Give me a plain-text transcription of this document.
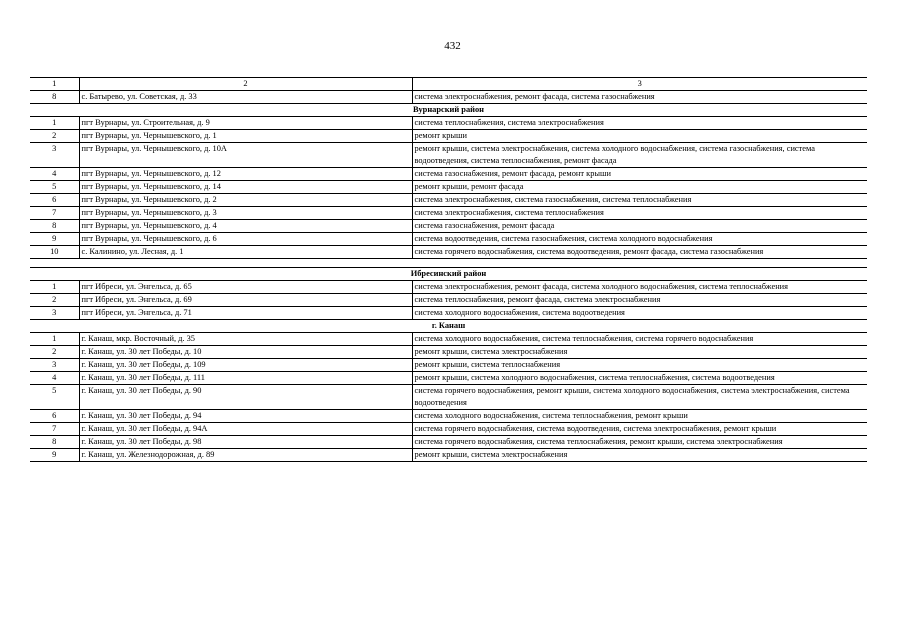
432
1	2	3
8	с. Батырево, ул. Советская, д. 33	система электроснабжения, ремонт фасада, система газоснабжения
Вурнарский район		
1	пгт Вурнары, ул. Строительная, д. 9	система теплоснабжения, система электроснабжения
2	пгт Вурнары, ул. Чернышевского, д. 1	ремонт крыши
3	пгт Вурнары, ул. Чернышевского, д. 10А	ремонт крыши, система электроснабжения, система холодного водоснабжения, система газоснабжения, система водоотведения, система теплоснабжения, ремонт фасада
4	пгт Вурнары, ул. Чернышевского, д. 12	система газоснабжения, ремонт фасада, ремонт крыши
5	пгт Вурнары, ул. Чернышевского, д. 14	ремонт крыши, ремонт фасада
6	пгт Вурнары, ул. Чернышевского, д. 2	система электроснабжения, система газоснабжения, система теплоснабжения
7	пгт Вурнары, ул. Чернышевского, д. 3	система электроснабжения, система теплоснабжения
8	пгт Вурнары, ул. Чернышевского, д. 4	система газоснабжения, ремонт фасада
9	пгт Вурнары, ул. Чернышевского, д. 6	система водоотведения, система газоснабжения, система холодного водоснабжения
10	с. Калинино, ул. Лесная, д. 1	система горячего водоснабжения, система водоотведения, ремонт фасада, система газоснабжения

Ибресинский район		
1	пгт Ибреси, ул. Энгельса, д. 65	система электроснабжения, ремонт фасада, система холодного водоснабжения, система теплоснабжения
2	пгт Ибреси, ул. Энгельса, д. 69	система теплоснабжения, ремонт фасада, система электроснабжения
3	пгт Ибреси, ул. Энгельса, д. 71	система холодного водоснабжения, система водоотведения
г. Канаш		
1	г. Канаш, мкр. Восточный, д. 35	система холодного водоснабжения, система теплоснабжения, система горячего водоснабжения
2	г. Канаш, ул. 30 лет Победы, д. 10	ремонт крыши, система электроснабжения
3	г. Канаш, ул. 30 лет Победы, д. 109	ремонт крыши, система теплоснабжения
4	г. Канаш, ул. 30 лет Победы, д. 111	ремонт крыши, система холодного водоснабжения, система теплоснабжения, система водоотведения
5	г. Канаш, ул. 30 лет Победы, д. 90	система горячего водоснабжения, ремонт крыши, система холодного водоснабжения, система электроснабжения, система водоотведения
6	г. Канаш, ул. 30 лет Победы, д. 94	система холодного водоснабжения, система теплоснабжения, ремонт крыши
7	г. Канаш, ул. 30 лет Победы, д. 94А	система горячего водоснабжения, система водоотведения, система электроснабжения, ремонт крыши
8	г. Канаш, ул. 30 лет Победы, д. 98	система горячего водоснабжения, система теплоснабжения, ремонт крыши, система электроснабжения
9	г. Канаш, ул. Железнодорожная, д. 89	ремонт крыши, система электроснабжения
